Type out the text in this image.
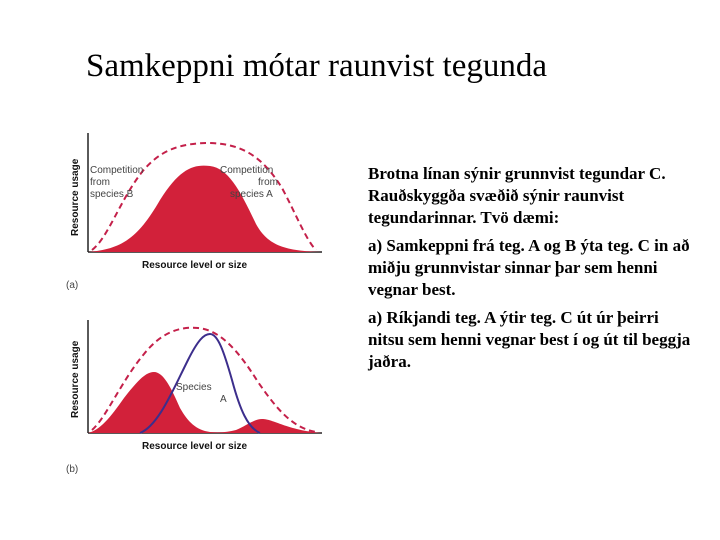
Samkeppni mótar raunvist tegunda
Resource usage Competition from species B
Competition from species A
Resource level or size
(a)
Resource usage	Species A
Resource level or size
(b)

Brotna línan sýnir grunnvist tegundar C. Rauðskyggða svæðið sýnir raunvist tegundarinnar. Tvö dæmi:

a) Samkeppni frá teg. A og B ýta teg. C in að miðju grunnvistar sinnar þar sem henni vegnar best.

a) Ríkjandi teg. A ýtir teg. C út úr þeirri nitsu sem henni vegnar best í og út til beggja jaðra.
